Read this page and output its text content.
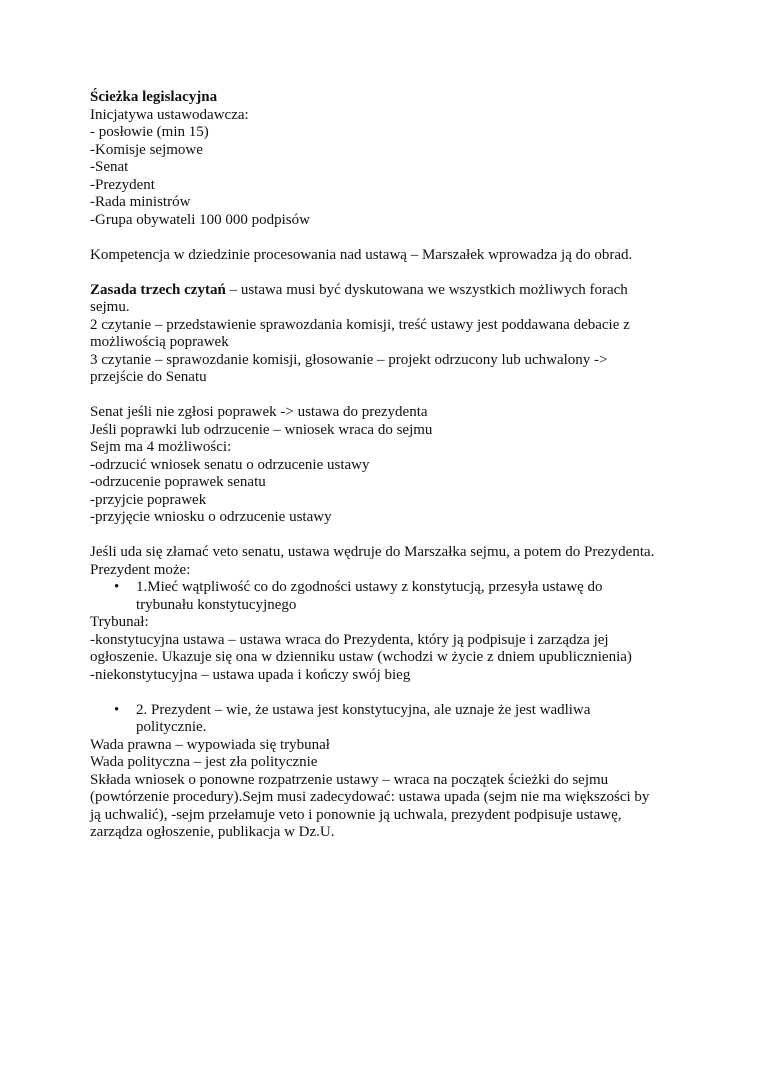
Ścieżka legislacyjna
Inicjatywa ustawodawcza:
- posłowie (min 15)
-Komisje sejmowe
-Senat
-Prezydent
-Rada ministrów
-Grupa obywateli 100 000 podpisów
Kompetencja w dziedzinie procesowania nad ustawą – Marszałek wprowadza ją do obrad.
Zasada trzech czytań – ustawa musi być dyskutowana we wszystkich możliwych forach
sejmu.
2 czytanie – przedstawienie sprawozdania komisji, treść ustawy jest poddawana debacie z
możliwością poprawek
3 czytanie – sprawozdanie komisji, głosowanie – projekt odrzucony lub uchwalony ->
przejście do Senatu
Senat jeśli nie zgłosi poprawek -> ustawa do prezydenta
Jeśli poprawki lub odrzucenie – wniosek wraca do sejmu
Sejm ma 4 możliwości:
-odrzucić wniosek senatu o odrzucenie ustawy
-odrzucenie poprawek senatu
-przyjcie poprawek
-przyjęcie wniosku o odrzucenie ustawy
Jeśli uda się złamać veto senatu, ustawa wędruje do Marszałka sejmu, a potem do Prezydenta.
Prezydent może:
• 1.Mieć wątpliwość co do zgodności ustawy z konstytucją, przesyła ustawę do
trybunału konstytucyjnego
Trybunał:
-konstytucyjna ustawa – ustawa wraca do Prezydenta, który ją podpisuje i zarządza jej
ogłoszenie. Ukazuje się ona w dzienniku ustaw (wchodzi w życie z dniem upublicznienia)
-niekonstytucyjna – ustawa upada i kończy swój bieg
• 2. Prezydent – wie, że ustawa jest konstytucyjna, ale uznaje że jest wadliwa
politycznie.
Wada prawna – wypowiada się trybunał
Wada polityczna – jest zła politycznie
Składa wniosek o ponowne rozpatrzenie ustawy – wraca na początek ścieżki do sejmu
(powtórzenie procedury).Sejm musi zadecydować: ustawa upada (sejm nie ma większości by
ją uchwalić), -sejm przełamuje veto i ponownie ją uchwala, prezydent podpisuje ustawę,
zarządza ogłoszenie, publikacja w Dz.U.
